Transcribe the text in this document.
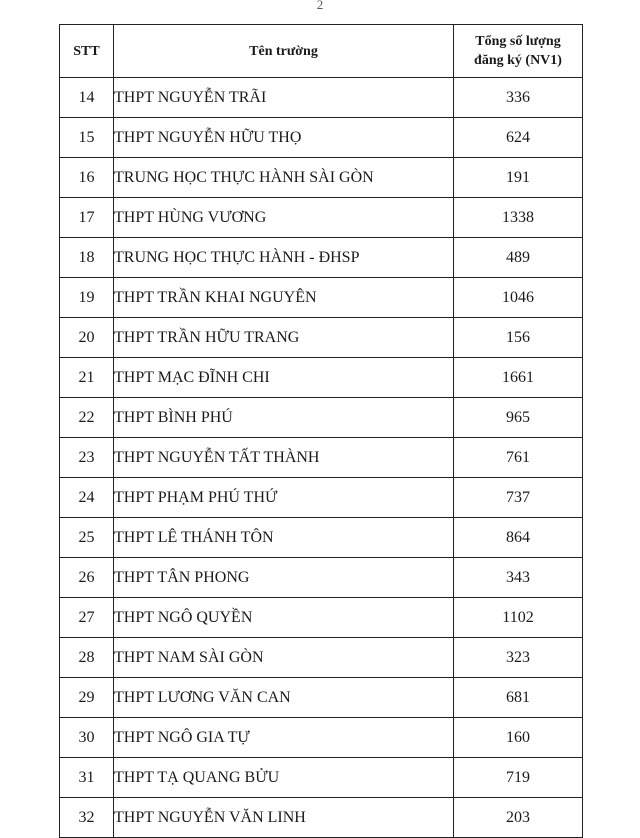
2
STT	Tên trường	Tổng số lượng
đăng ký (NV1)

14	THPT NGUYỄN TRÃI	336
15	THPT NGUYỄN HỮU THỌ	624
16	TRUNG HỌC THỰC HÀNH SÀI GÒN	191
17	THPT HÙNG VƯƠNG	1338
18	TRUNG HỌC THỰC HÀNH - ĐHSP	489
19	THPT TRẦN KHAI NGUYÊN	1046
20	THPT TRẦN HỮU TRANG	156
21	THPT MẠC ĐĨNH CHI	1661
22	THPT BÌNH PHÚ	965
23	THPT NGUYỄN TẤT THÀNH	761
24	THPT PHẠM PHÚ THỨ	737
25	THPT LÊ THÁNH TÔN	864
26	THPT TÂN PHONG	343
27	THPT NGÔ QUYỀN	1102
28	THPT NAM SÀI GÒN	323
29	THPT LƯƠNG VĂN CAN	681
30	THPT NGÔ GIA TỰ	160
31	THPT TẠ QUANG BỬU	719
32	THPT NGUYỄN VĂN LINH	203
